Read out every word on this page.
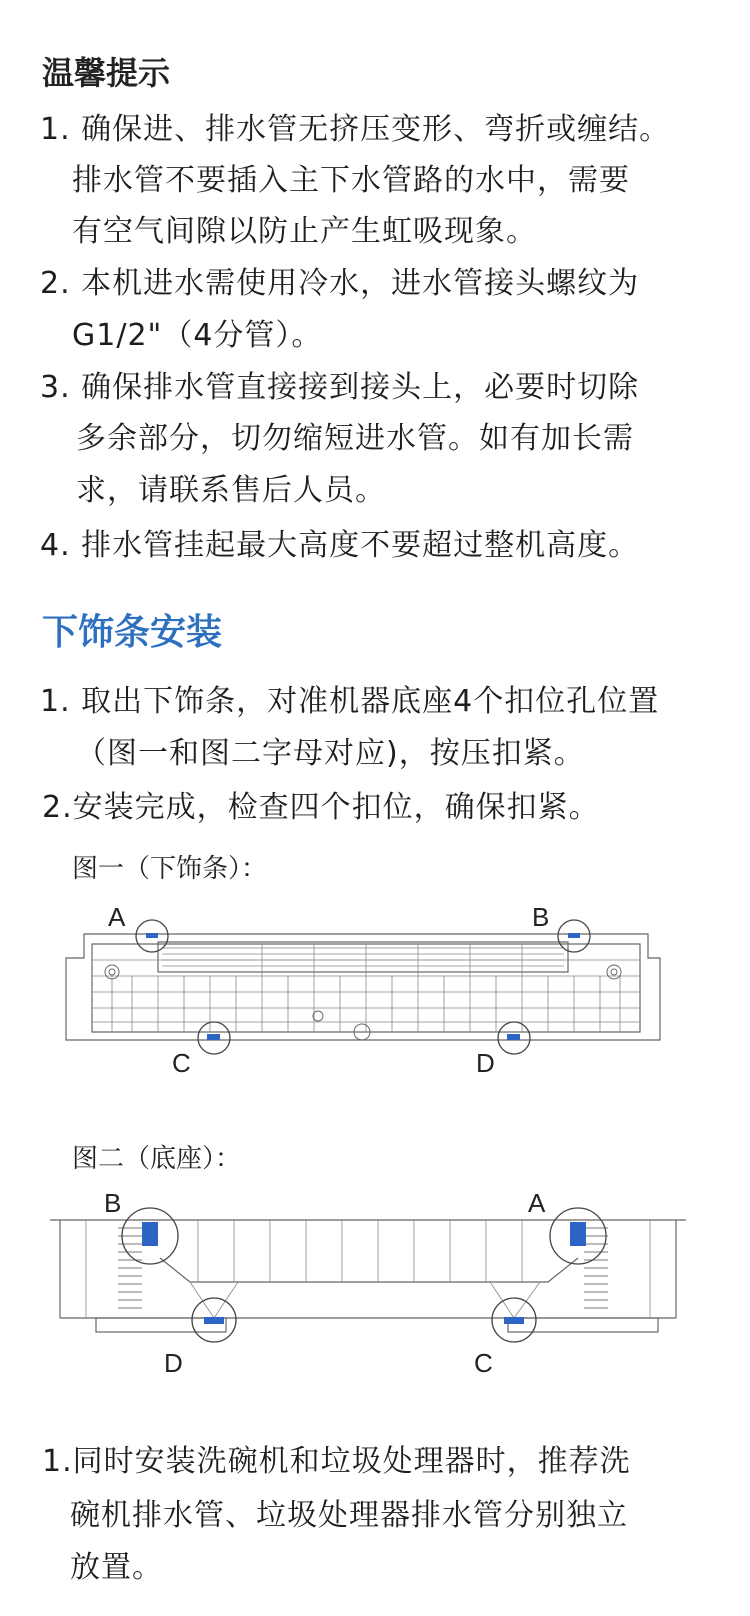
温馨提示
1. 确保进、排水管无挤压变形、弯折或缠结。
排水管不要插入主下水管路的水中，需要
有空气间隙以防止产生虹吸现象。
2. 本机进水需使用冷水，进水管接头螺纹为
G1/2"（4分管）。
3. 确保排水管直接接到接头上，必要时切除
多余部分，切勿缩短进水管。如有加长需
求，请联系售后人员。
4. 排水管挂起最大高度不要超过整机高度。
下饰条安装
1. 取出下饰条，对准机器底座4个扣位孔位置
（图一和图二字母对应)，按压扣紧。
2.安装完成，检查四个扣位，确保扣紧。
图一（下饰条）：
A	B
C	D
图二（底座）：
B	A
D	C
1.同时安装洗碗机和垃圾处理器时，推荐洗
碗机排水管、垃圾处理器排水管分别独立
放置。
